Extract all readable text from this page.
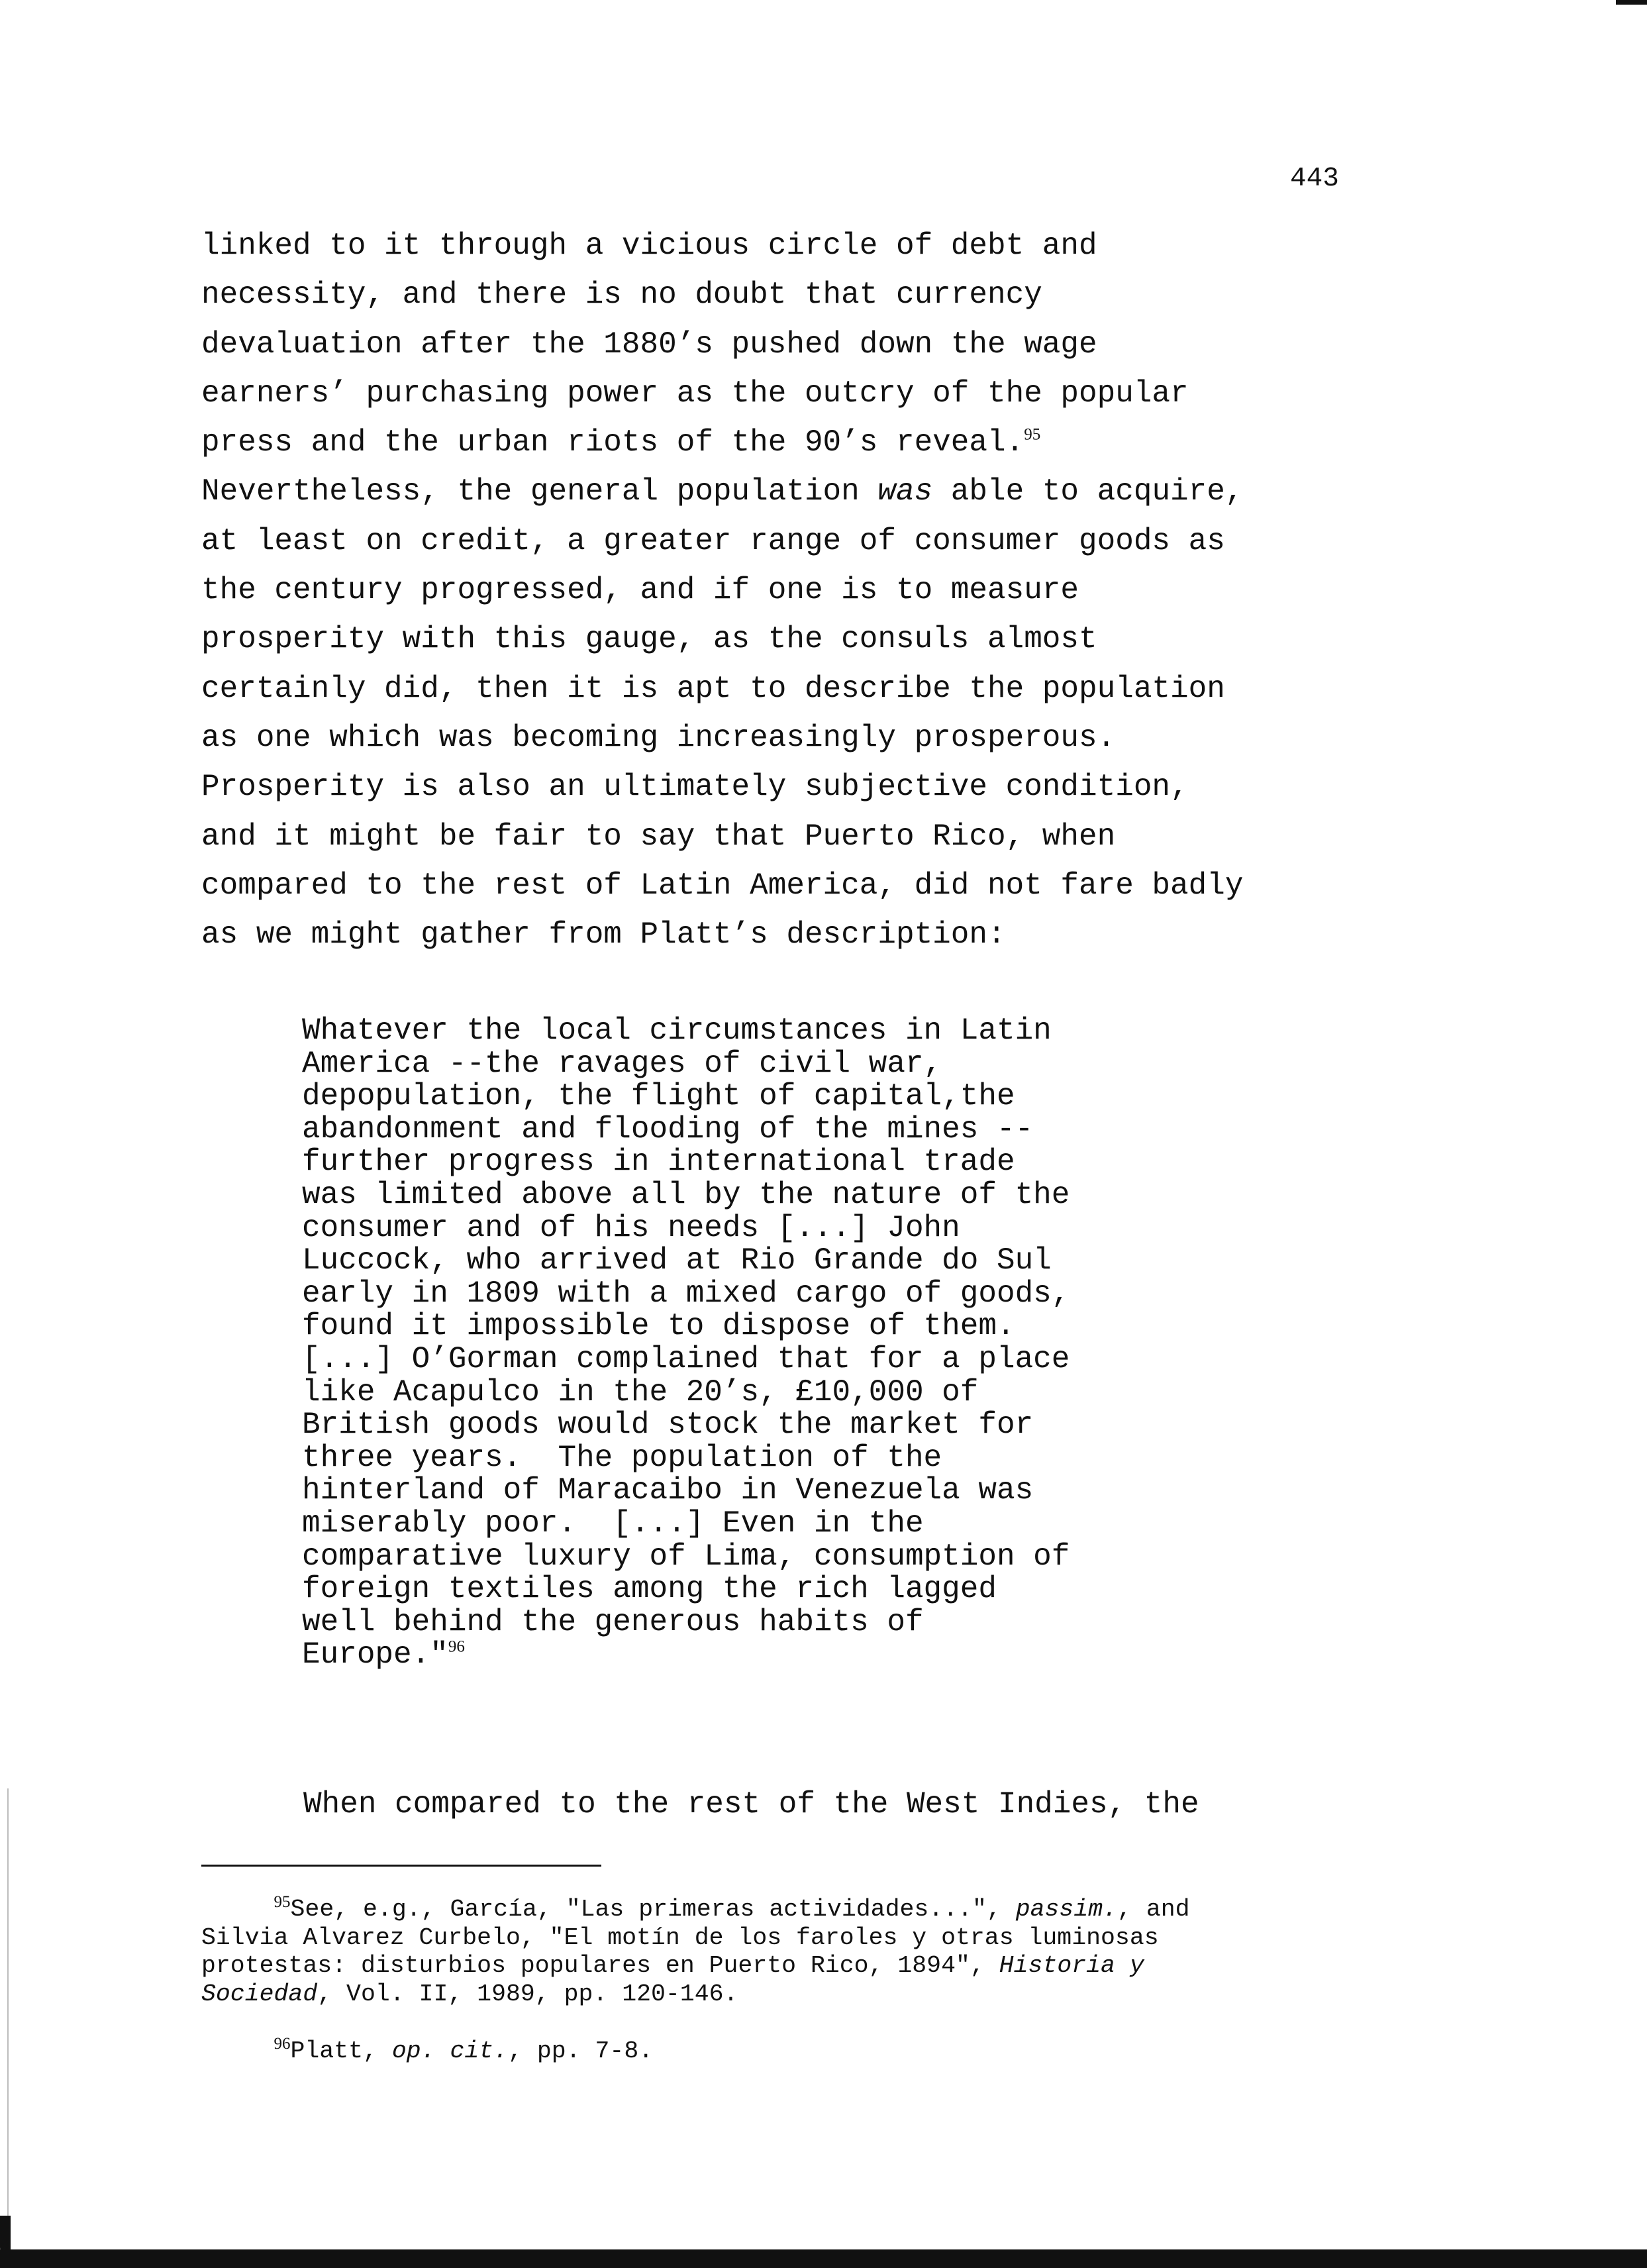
443
linked to it through a vicious circle of debt and
necessity, and there is no doubt that currency
devaluation after the 1880’s pushed down the wage
earners’ purchasing power as the outcry of the popular
press and the urban riots of the 90’s reveal.$^{95}$
Nevertheless, the general population was able to acquire,
at least on credit, a greater range of consumer goods as
the century progressed, and if one is to measure
prosperity with this gauge, as the consuls almost
certainly did, then it is apt to describe the population
as one which was becoming increasingly prosperous.
Prosperity is also an ultimately subjective condition,
and it might be fair to say that Puerto Rico, when
compared to the rest of Latin America, did not fare badly
as we might gather from Platt’s description:
Whatever the local circumstances in Latin
America --the ravages of civil war,
depopulation, the flight of capital,the
abandonment and flooding of the mines --
further progress in international trade
was limited above all by the nature of the
consumer and of his needs [...] John
Luccock, who arrived at Rio Grande do Sul
early in 1809 with a mixed cargo of goods,
found it impossible to dispose of them.
[...] O’Gorman complained that for a place
like Acapulco in the 20’s, £10,000 of
British goods would stock the market for
three years.  The population of the
hinterland of Maracaibo in Venezuela was
miserably poor.  [...] Even in the
comparative luxury of Lima, consumption of
foreign textiles among the rich lagged
well behind the generous habits of
Europe."$^{96}$
When compared to the rest of the West Indies, the
$^{95}$See, e.g., García, "Las primeras actividades...", passim., and
Silvia Alvarez Curbelo, "El motín de los faroles y otras luminosas
protestas: disturbios populares en Puerto Rico, 1894", Historia y
Sociedad, Vol. II, 1989, pp. 120-146.
$^{96}$Platt, op. cit., pp. 7-8.
